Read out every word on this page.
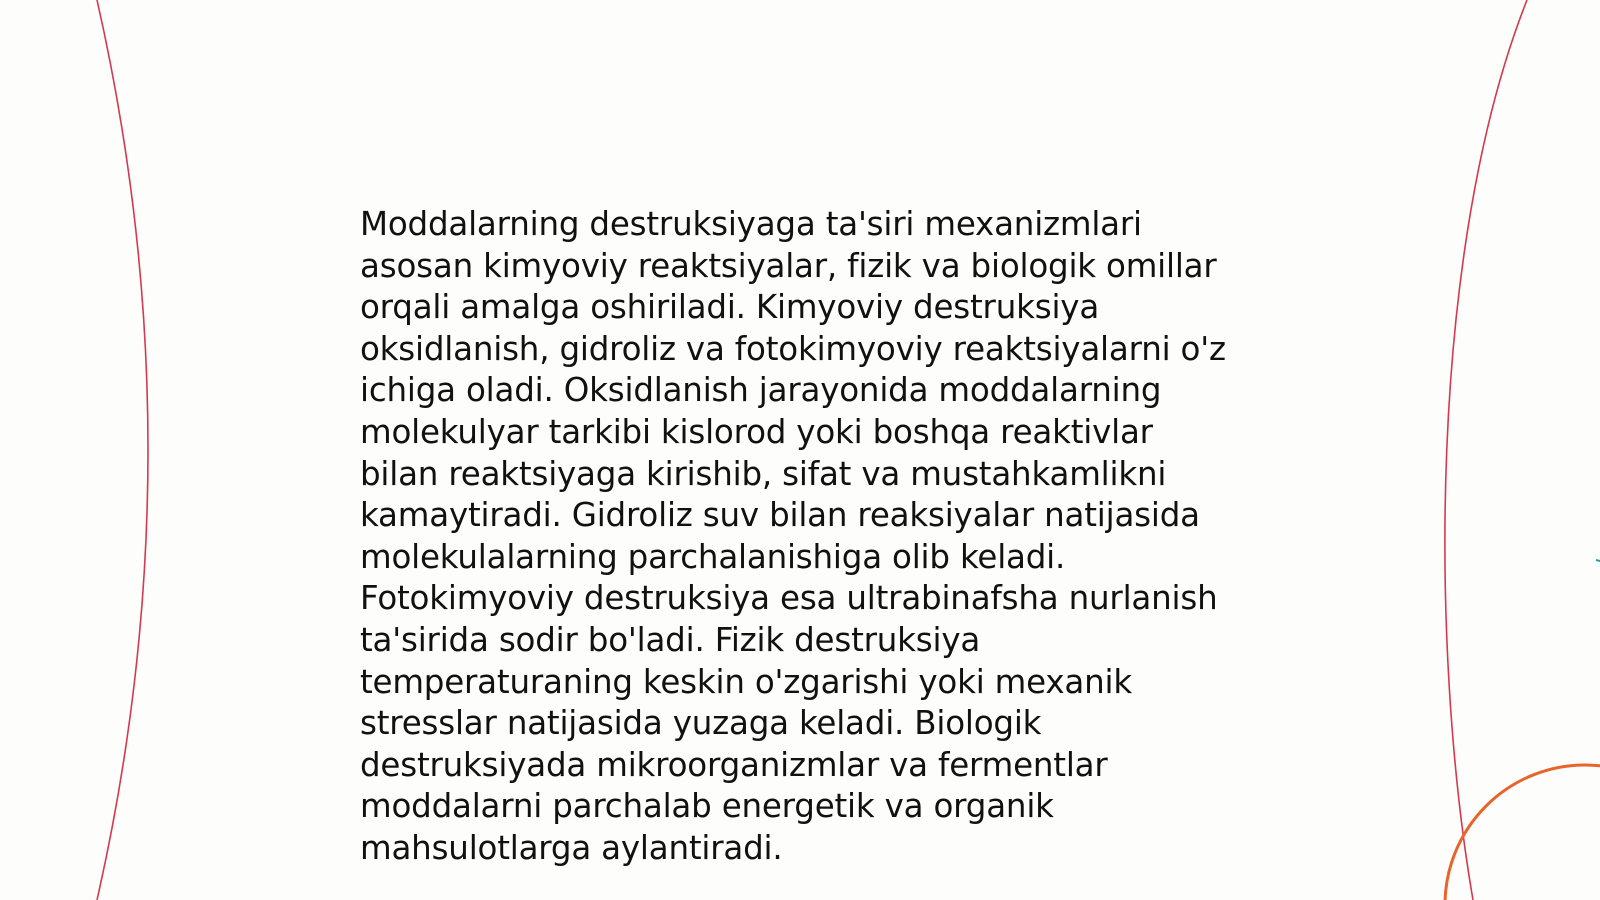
Moddalarning destruksiyaga ta'siri mexanizmlari
asosan kimyoviy reaktsiyalar, fizik va biologik omillar
orqali amalga oshiriladi. Kimyoviy destruksiya
oksidlanish, gidroliz va fotokimyoviy reaktsiyalarni o'z
ichiga oladi. Oksidlanish jarayonida moddalarning
molekulyar tarkibi kislorod yoki boshqa reaktivlar
bilan reaktsiyaga kirishib, sifat va mustahkamlikni
kamaytiradi. Gidroliz suv bilan reaksiyalar natijasida
molekulalarning parchalanishiga olib keladi.
Fotokimyoviy destruksiya esa ultrabinafsha nurlanish
ta'sirida sodir bo'ladi. Fizik destruksiya
temperaturaning keskin o'zgarishi yoki mexanik
stresslar natijasida yuzaga keladi. Biologik
destruksiyada mikroorganizmlar va fermentlar
moddalarni parchalab energetik va organik
mahsulotlarga aylantiradi.
